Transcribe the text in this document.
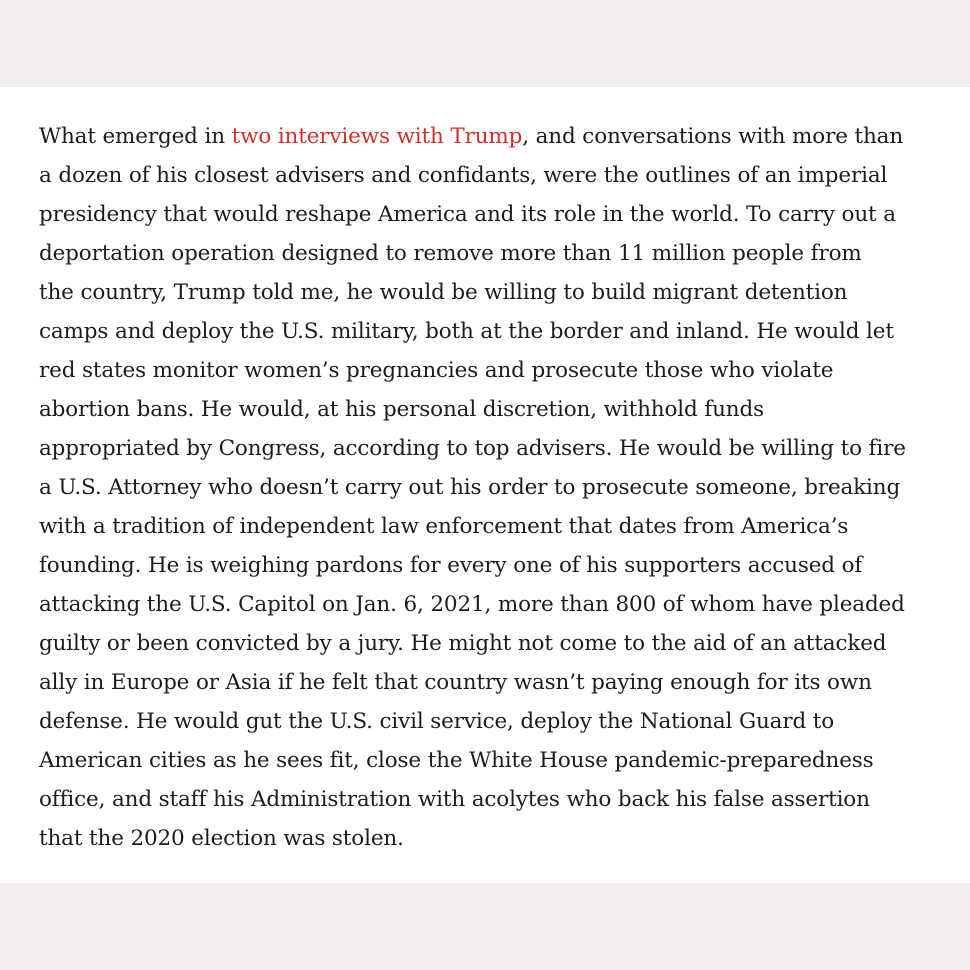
What emerged in two interviews with Trump, and conversations with more than
a dozen of his closest advisers and confidants, were the outlines of an imperial
presidency that would reshape America and its role in the world. To carry out a
deportation operation designed to remove more than 11 million people from
the country, Trump told me, he would be willing to build migrant detention
camps and deploy the U.S. military, both at the border and inland. He would let
red states monitor women’s pregnancies and prosecute those who violate
abortion bans. He would, at his personal discretion, withhold funds
appropriated by Congress, according to top advisers. He would be willing to fire
a U.S. Attorney who doesn’t carry out his order to prosecute someone, breaking
with a tradition of independent law enforcement that dates from America’s
founding. He is weighing pardons for every one of his supporters accused of
attacking the U.S. Capitol on Jan. 6, 2021, more than 800 of whom have pleaded
guilty or been convicted by a jury. He might not come to the aid of an attacked
ally in Europe or Asia if he felt that country wasn’t paying enough for its own
defense. He would gut the U.S. civil service, deploy the National Guard to
American cities as he sees fit, close the White House pandemic-preparedness
office, and staff his Administration with acolytes who back his false assertion
that the 2020 election was stolen.
